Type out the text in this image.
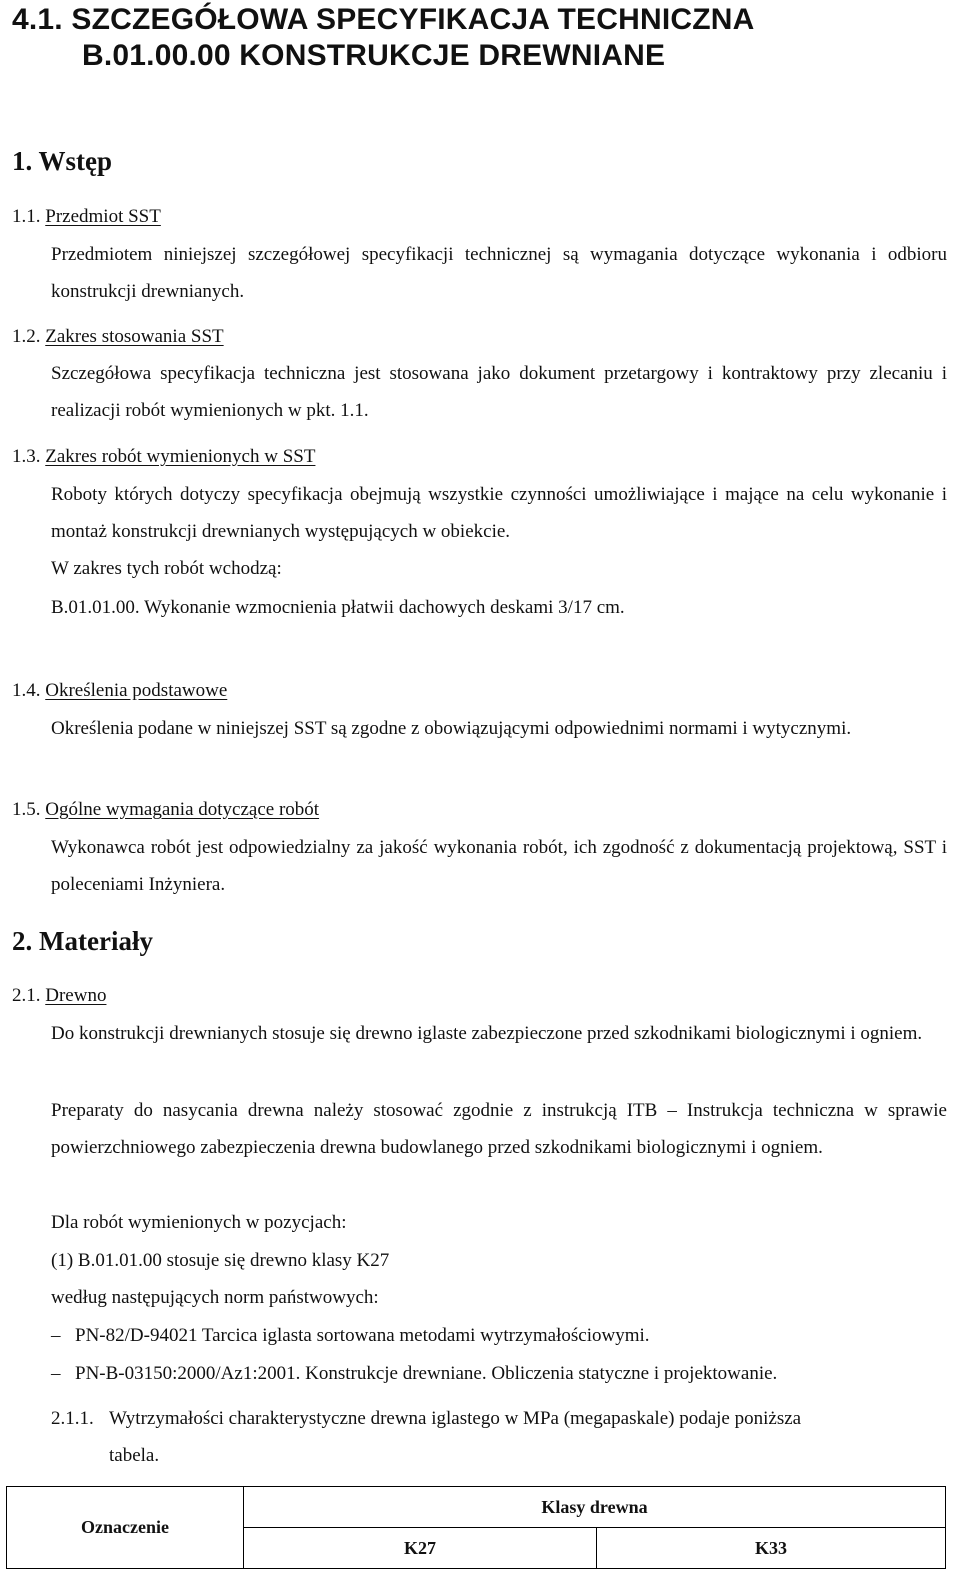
4.1. SZCZEGÓŁOWA SPECYFIKACJA TECHNICZNA
B.01.00.00 KONSTRUKCJE DREWNIANE
1. Wstęp
1.1. Przedmiot SST

Przedmiotem niniejszej szczegółowej specyfikacji technicznej są wymagania dotyczące wykonania i odbioru konstrukcji drewnianych.

1.2. Zakres stosowania SST

Szczegółowa specyfikacja techniczna jest stosowana jako dokument przetargowy i kontraktowy przy zlecaniu i realizacji robót wymienionych w pkt. 1.1.

1.3. Zakres robót wymienionych w SST

Roboty których dotyczy specyfikacja obejmują wszystkie czynności umożliwiające i mające na celu wykonanie i montaż konstrukcji drewnianych występujących w obiekcie.

W zakres tych robót wchodzą:
B.01.01.00. Wykonanie wzmocnienia płatwii dachowych deskami 3/17 cm.
1.4. Określenia podstawowe

Określenia podane w niniejszej SST są zgodne z obowiązującymi odpowiednimi normami i wytycznymi.

1.5. Ogólne wymagania dotyczące robót

Wykonawca robót jest odpowiedzialny za jakość wykonania robót, ich zgodność z dokumentacją projektową, SST i poleceniami Inżyniera.

2. Materiały
2.1. Drewno

Do konstrukcji drewnianych stosuje się drewno iglaste zabezpieczone przed szkodnikami biologicznymi i ogniem.

Preparaty do nasycania drewna należy stosować zgodnie z instrukcją ITB – Instrukcja techniczna w sprawie powierzchniowego zabezpieczenia drewna budowlanego przed szkodnikami biologicznymi i ogniem.

Dla robót wymienionych w pozycjach:
(1) B.01.01.00 stosuje się drewno klasy K27
według następujących norm państwowych:
– PN-82/D-94021 Tarcica iglasta sortowana metodami wytrzymałościowymi.
– PN-B-03150:2000/Az1:2001. Konstrukcje drewniane. Obliczenia statyczne i projektowanie.
2.1.1. Wytrzymałości charakterystyczne drewna iglastego w MPa (megapaskale) podaje poniższa
tabela.
Oznaczenie	Klasy drewna	
	K27	K33
